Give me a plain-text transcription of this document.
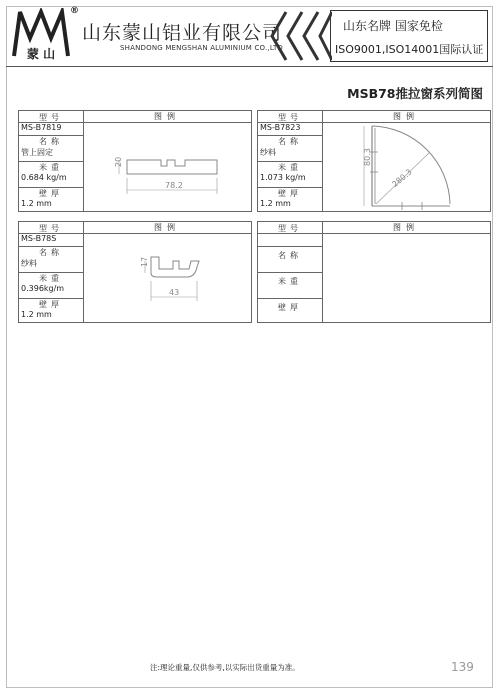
蒙 山
®
山东蒙山铝业有限公司
SHANDONG MENGSHAN ALUMINIUM CO.,LTD
山东名牌 国家免检
ISO9001,ISO14001国际认证
MSB78推拉窗系列简图
型号
MS-B7819
名称
管上固定
米重
0.684 kg/m
壁厚
1.2 mm
图例
20
78.2
型号
MS-B7823
名称
纱料
米重
1.073 kg/m
壁厚
1.2 mm
图例
80.3
280.3
型号
MS-B78S
名称
纱料
米重
0.396kg/m
壁厚
1.2 mm
图例
17
43
型号
名称
米重
壁厚
图例
注:理论重量,仅供参考,以实际出货重量为准。	139
